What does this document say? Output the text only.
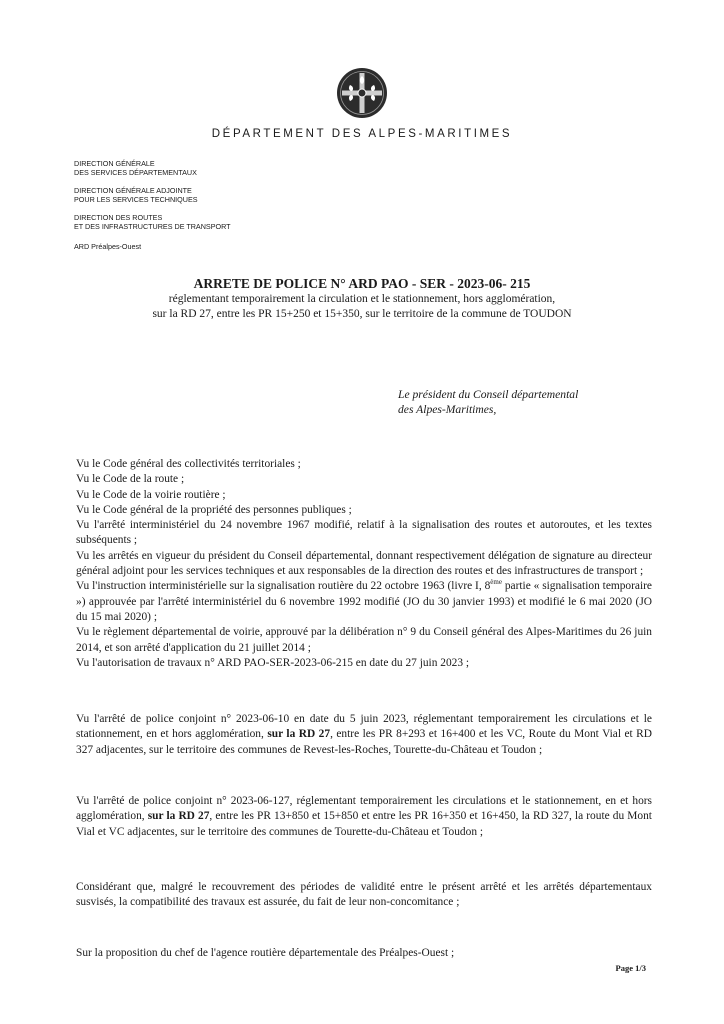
DÉPARTEMENT DES ALPES-MARITIMES
DIRECTION GÉNÉRALE
DES SERVICES DÉPARTEMENTAUX
DIRECTION GÉNÉRALE ADJOINTE
POUR LES SERVICES TECHNIQUES
DIRECTION DES ROUTES
ET DES INFRASTRUCTURES DE TRANSPORT
ARD Préalpes-Ouest
ARRETE DE POLICE N° ARD PAO - SER - 2023-06- 215
réglementant temporairement la circulation et le stationnement, hors agglomération,
sur la RD 27, entre les PR 15+250 et 15+350, sur le territoire de la commune de TOUDON
Le président du Conseil départemental
des Alpes-Maritimes,

Vu le Code général des collectivités territoriales ;

Vu le Code de la route ;

Vu le Code de la voirie routière ;

Vu le Code général de la propriété des personnes publiques ;

Vu l'arrêté interministériel du 24 novembre 1967 modifié, relatif à la signalisation des routes et autoroutes, et les textes subséquents ;

Vu les arrêtés en vigueur du président du Conseil départemental, donnant respectivement délégation de signature au directeur général adjoint pour les services techniques et aux responsables de la direction des routes et des infrastructures de transport ;

Vu l'instruction interministérielle sur la signalisation routière du 22 octobre 1963 (livre I, 8ème partie « signalisation temporaire ») approuvée par l'arrêté interministériel du 6 novembre 1992 modifié (JO du 30 janvier 1993) et modifié le 6 mai 2020 (JO du 15 mai 2020) ;

Vu le règlement départemental de voirie, approuvé par la délibération n° 9 du Conseil général des Alpes-Maritimes du 26 juin 2014, et son arrêté d'application du 21 juillet 2014 ;

Vu l'autorisation de travaux n° ARD PAO-SER-2023-06-215 en date du 27 juin 2023 ;

Vu l'arrêté de police conjoint n° 2023-06-10 en date du 5 juin 2023, réglementant temporairement les circulations et le stationnement, en et hors agglomération, sur la RD 27, entre les PR 8+293 et 16+400 et les VC, Route du Mont Vial et RD 327 adjacentes, sur le territoire des communes de Revest-les-Roches, Tourette-du-Château et Toudon ;

Vu l'arrêté de police conjoint n° 2023-06-127, réglementant temporairement les circulations et le stationnement, en et hors agglomération, sur la RD 27, entre les PR 13+850 et 15+850 et entre les PR 16+350 et 16+450, la RD 327, la route du Mont Vial et VC adjacentes, sur le territoire des communes de Tourette-du-Château et Toudon ;

Considérant que, malgré le recouvrement des périodes de validité entre le présent arrêté et les arrêtés départementaux susvisés, la compatibilité des travaux est assurée, du fait de leur non-concomitance ;

Sur la proposition du chef de l'agence routière départementale des Préalpes-Ouest ;

Page 1/3
